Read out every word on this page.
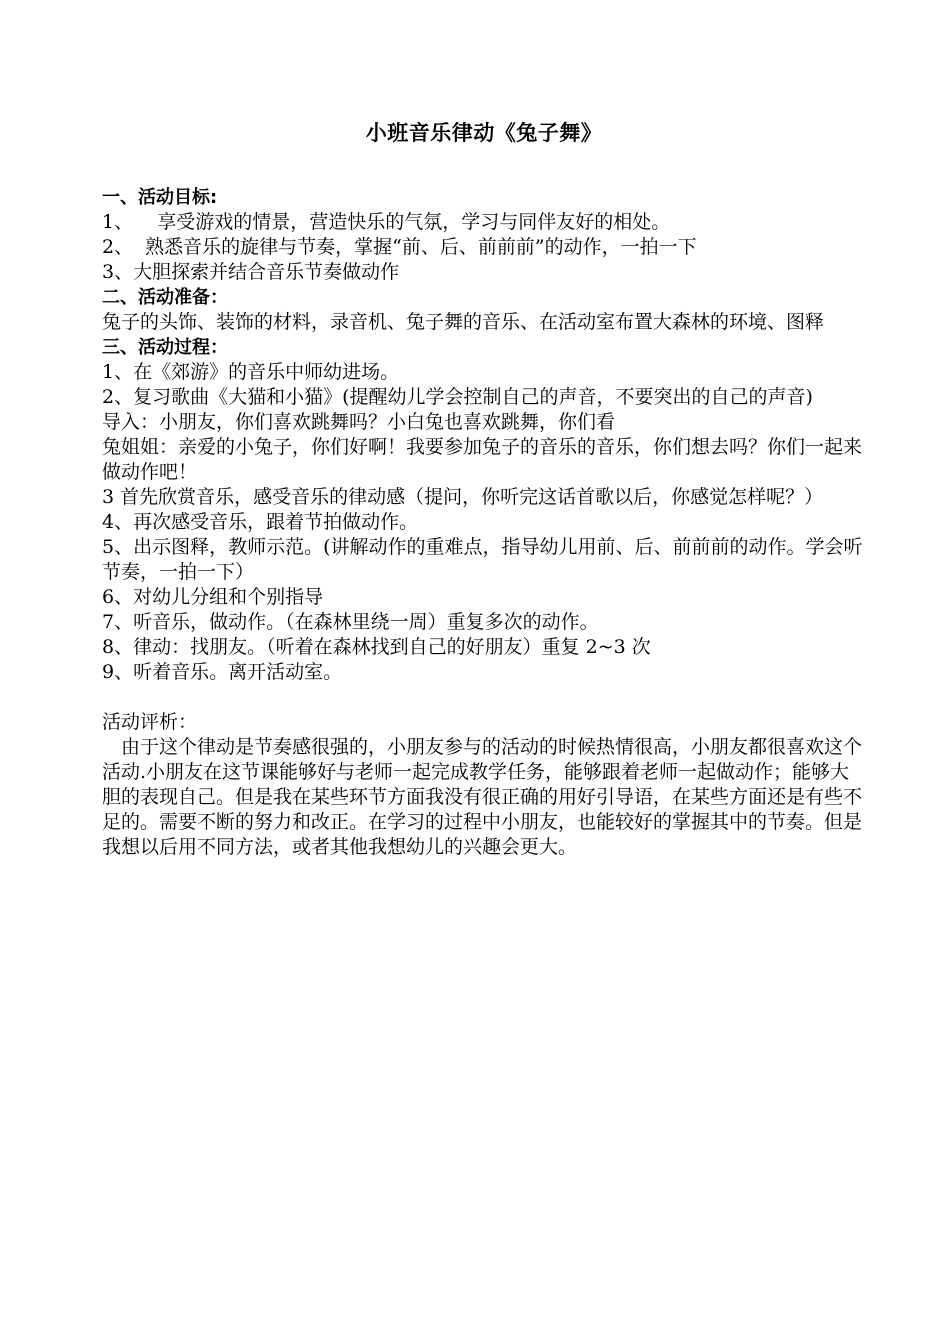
小班音乐律动《兔子舞》
一、活动目标:
1、    享受游戏的情景，营造快乐的气氛，学习与同伴友好的相处。
2、  熟悉音乐的旋律与节奏，掌握“前、后、前前前”的动作，一拍一下
3、大胆探索并结合音乐节奏做动作
二、活动准备：
兔子的头饰、装饰的材料，录音机、兔子舞的音乐、在活动室布置大森林的环境、图释
三、活动过程：
1、在《郊游》的音乐中师幼进场。
2、复习歌曲《大猫和小猫》(提醒幼儿学会控制自己的声音，不要突出的自己的声音)
导入：小朋友，你们喜欢跳舞吗？小白兔也喜欢跳舞，你们看
兔姐姐：亲爱的小兔子，你们好啊！我要参加兔子的音乐的音乐，你们想去吗？你们一起来做动作吧！
3 首先欣赏音乐，感受音乐的律动感（提问，你听完这话首歌以后，你感觉怎样呢？）
4、再次感受音乐，跟着节拍做动作。
5、出示图释，教师示范。(讲解动作的重难点，指导幼儿用前、后、前前前的动作。学会听节奏，一拍一下）
6、对幼儿分组和个别指导
7、听音乐，做动作。（在森林里绕一周）重复多次的动作。
8、律动：找朋友。（听着在森林找到自己的好朋友）重复 2~3 次
9、听着音乐。离开活动室。
活动评析：
由于这个律动是节奏感很强的，小朋友参与的活动的时候热情很高，小朋友都很喜欢这个活动.小朋友在这节课能够好与老师一起完成教学任务，能够跟着老师一起做动作；能够大胆的表现自己。但是我在某些环节方面我没有很正确的用好引导语，在某些方面还是有些不足的。需要不断的努力和改正。在学习的过程中小朋友，也能较好的掌握其中的节奏。但是我想以后用不同方法，或者其他我想幼儿的兴趣会更大。
